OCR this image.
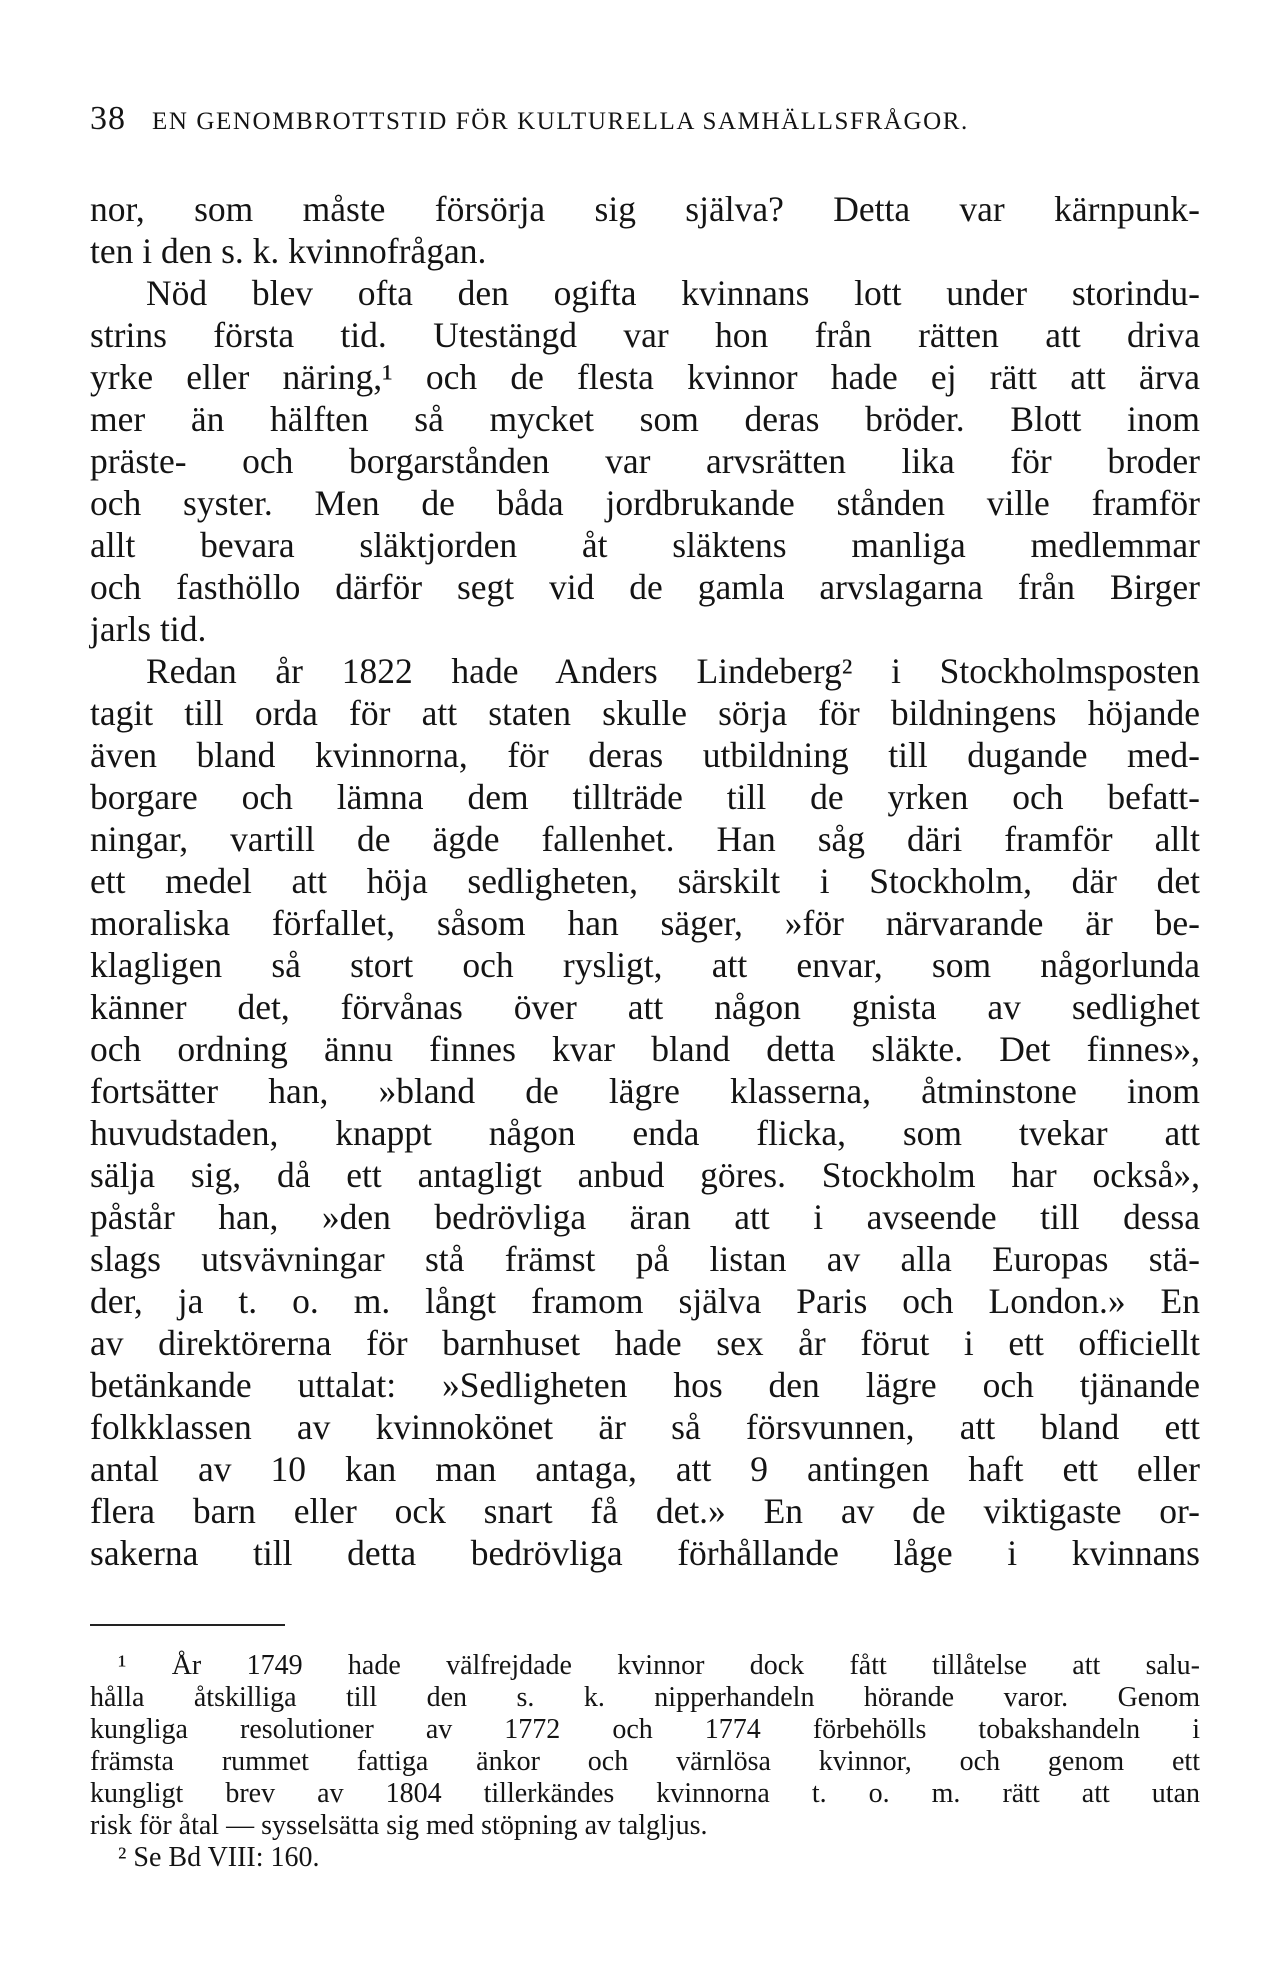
38 EN GENOMBROTTSTID FÖR KULTURELLA SAMHÄLLSFRÅGOR.
nor, som måste försörja sig själva? Detta var kärnpunk-
ten i den s. k. kvinnofrågan.
Nöd blev ofta den ogifta kvinnans lott under storindu-
strins första tid. Utestängd var hon från rätten att driva
yrke eller näring,¹ och de flesta kvinnor hade ej rätt att ärva
mer än hälften så mycket som deras bröder. Blott inom
präste- och borgarstånden var arvsrätten lika för broder
och syster. Men de båda jordbrukande stånden ville framför
allt bevara släktjorden åt släktens manliga medlemmar
och fasthöllo därför segt vid de gamla arvslagarna från Birger
jarls tid.
Redan år 1822 hade Anders Lindeberg² i Stockholmsposten
tagit till orda för att staten skulle sörja för bildningens höjande
även bland kvinnorna, för deras utbildning till dugande med-
borgare och lämna dem tillträde till de yrken och befatt-
ningar, vartill de ägde fallenhet. Han såg däri framför allt
ett medel att höja sedligheten, särskilt i Stockholm, där det
moraliska förfallet, såsom han säger, »för närvarande är be-
klagligen så stort och rysligt, att envar, som någorlunda
känner det, förvånas över att någon gnista av sedlighet
och ordning ännu finnes kvar bland detta släkte. Det finnes»,
fortsätter han, »bland de lägre klasserna, åtminstone inom
huvudstaden, knappt någon enda flicka, som tvekar att
sälja sig, då ett antagligt anbud göres. Stockholm har också»,
påstår han, »den bedrövliga äran att i avseende till dessa
slags utsvävningar stå främst på listan av alla Europas stä-
der, ja t. o. m. långt framom själva Paris och London.» En
av direktörerna för barnhuset hade sex år förut i ett officiellt
betänkande uttalat: »Sedligheten hos den lägre och tjänande
folkklassen av kvinnokönet är så försvunnen, att bland ett
antal av 10 kan man antaga, att 9 antingen haft ett eller
flera barn eller ock snart få det.» En av de viktigaste or-
sakerna till detta bedrövliga förhållande låge i kvinnans
¹ År 1749 hade välfrejdade kvinnor dock fått tillåtelse att salu-
hålla åtskilliga till den s. k. nipperhandeln hörande varor. Genom
kungliga resolutioner av 1772 och 1774 förbehölls tobakshandeln i
främsta rummet fattiga änkor och värnlösa kvinnor, och genom ett
kungligt brev av 1804 tillerkändes kvinnorna t. o. m. rätt att utan
risk för åtal — sysselsätta sig med stöpning av talgljus.
² Se Bd VIII: 160.
